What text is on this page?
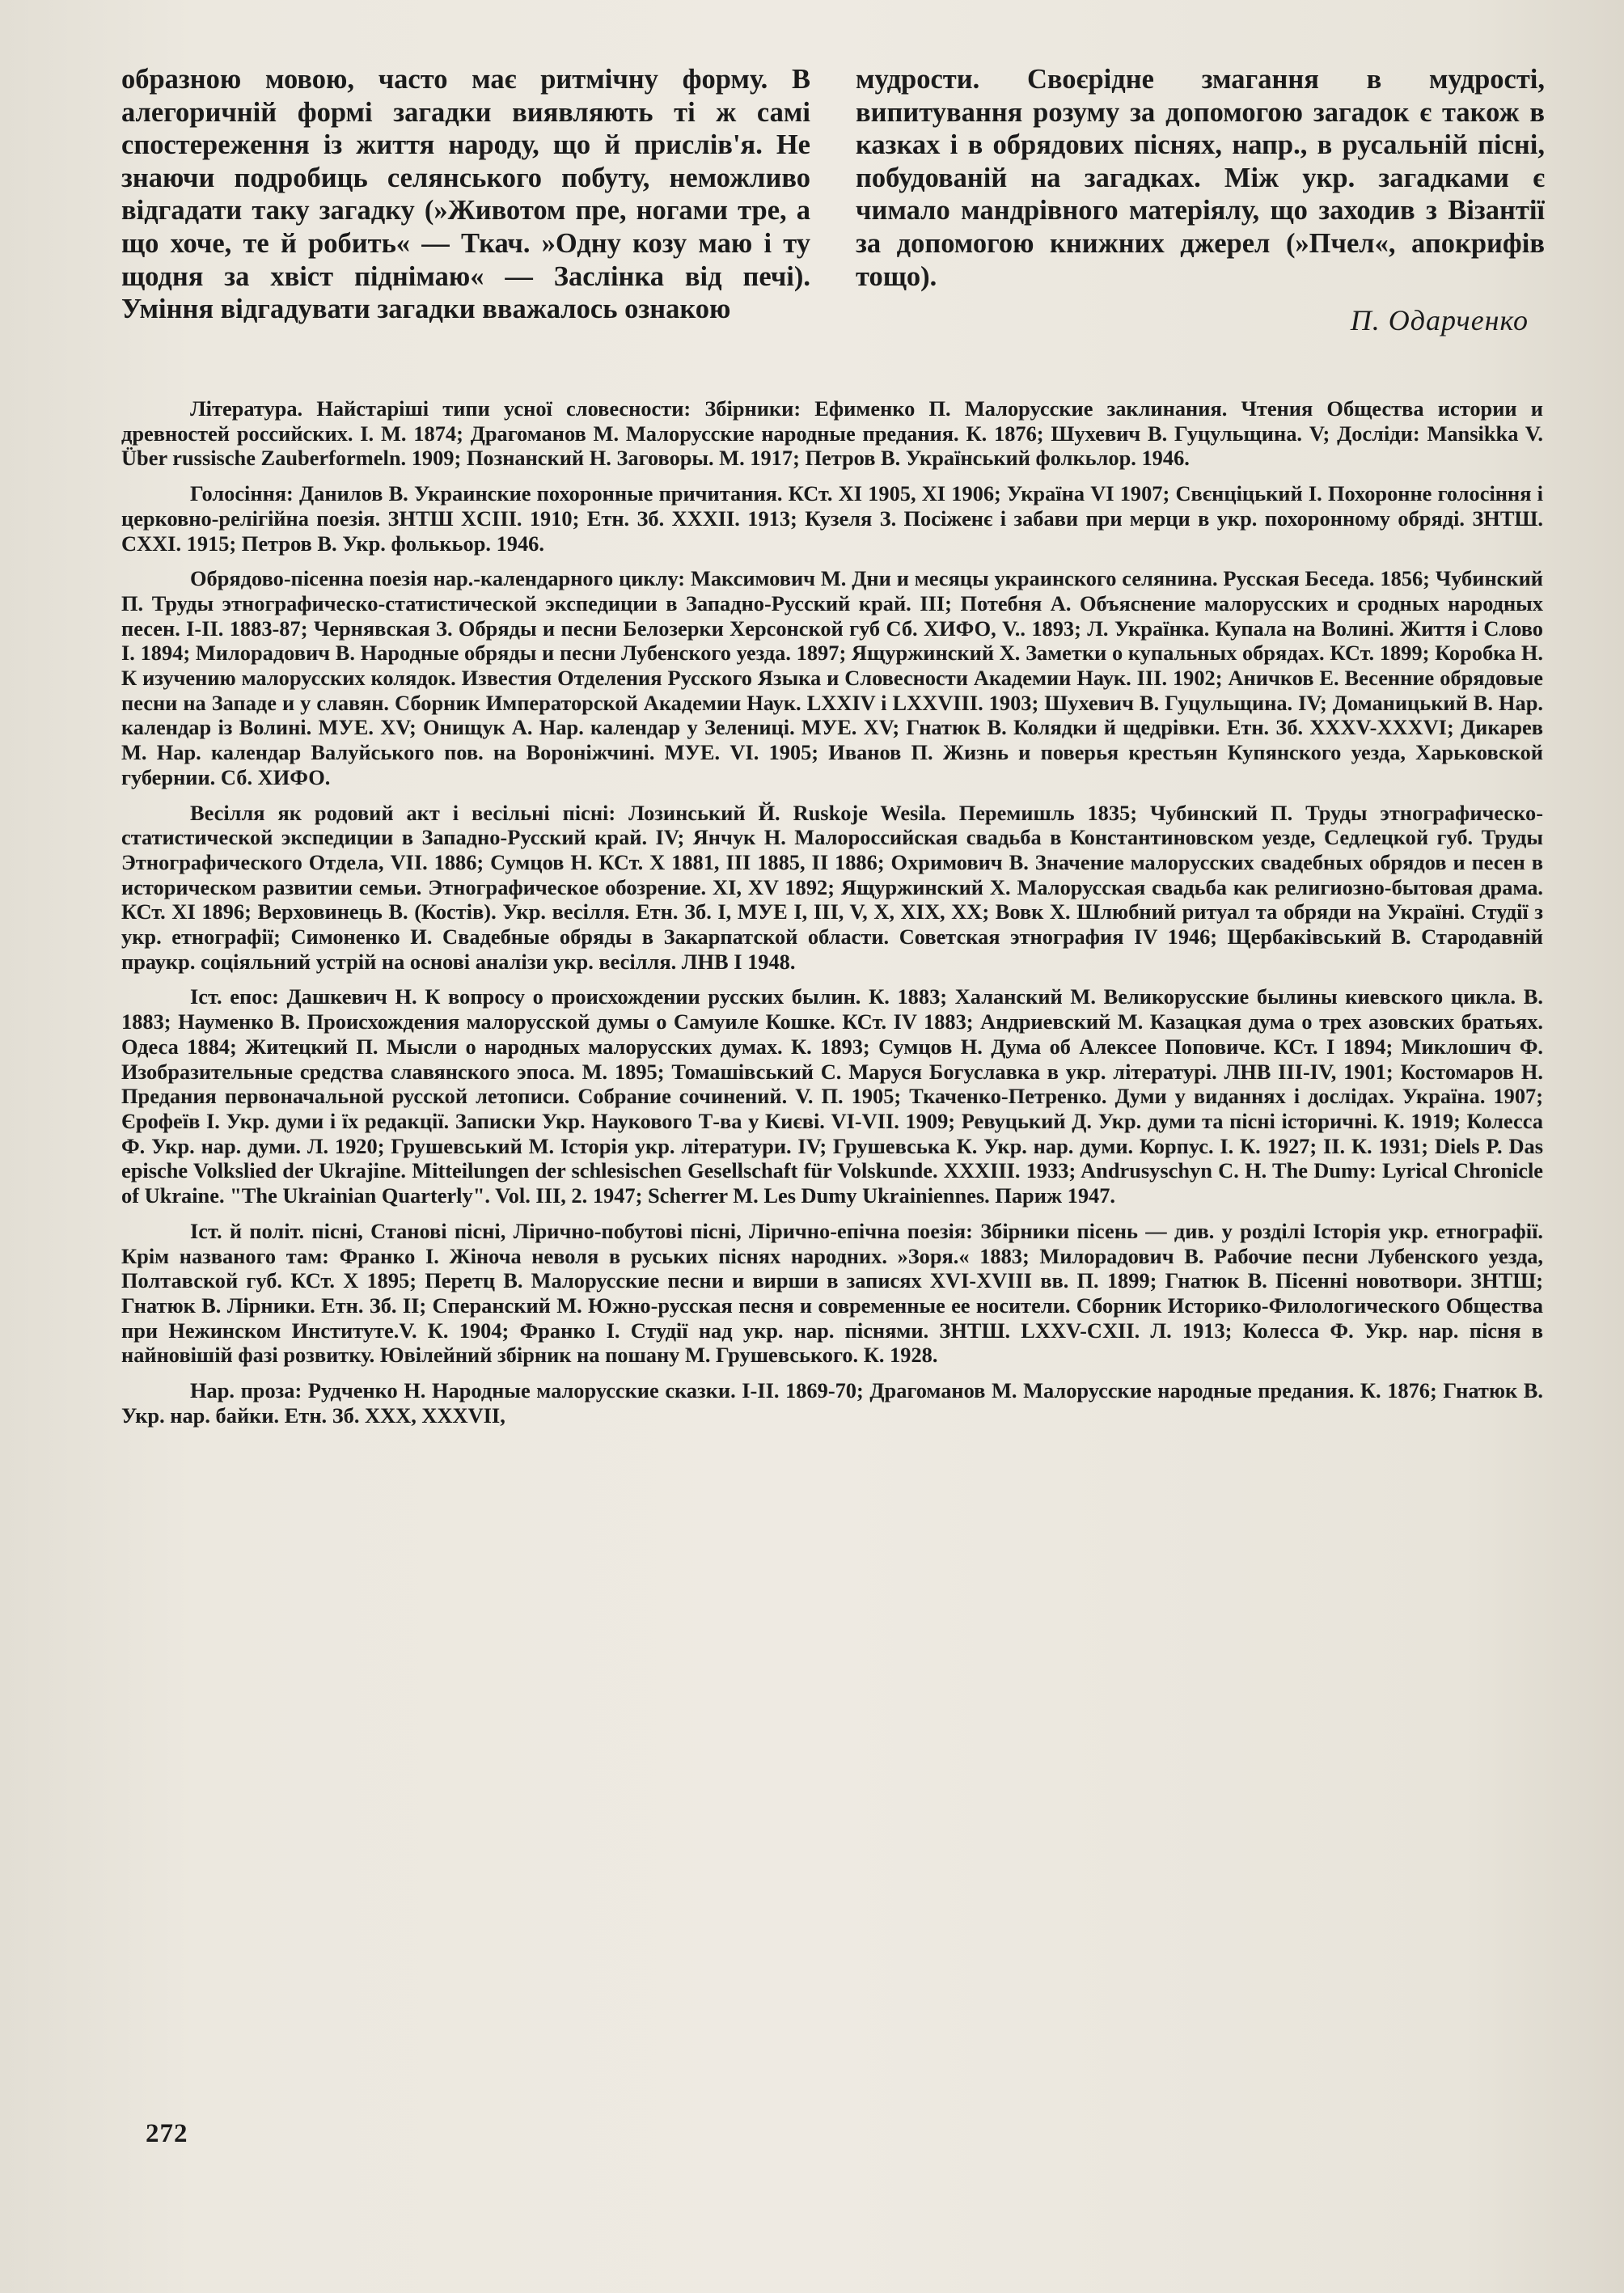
образною мовою, часто має ритмічну форму. В алегоричній формі загадки виявляють ті ж самі спостереження із життя народу, що й прислів'я. Не знаючи подробиць селянського побуту, неможливо відгадати таку загадку (»Животом пре, ногами тре, а що хоче, те й робить« — Ткач. »Одну козу маю і ту щодня за хвіст піднімаю« — Заслінка від печі). Уміння відгадувати загадки вважалось ознакою

мудрости. Своєрідне змагання в мудрості, випитування розуму за допомогою загадок є також в казках і в обрядових піснях, напр., в русальній пісні, побудованій на загадках. Між укр. загадками є чимало мандрівного матеріялу, що заходив з Візантії за допомогою книжних джерел (»Пчел«, апокрифів тощо).

П. Одарченко

Література. Найстаріші типи усної словесности: Збірники: Ефименко П. Малорусские заклинания. Чтения Общества истории и древностей российских. I. M. 1874; Драгоманов М. Малорусские народные предания. К. 1876; Шухевич В. Гуцульщина. V; Досліди: Mansikka V. Über russische Zauberformeln. 1909; Познанский Н. Заговоры. М. 1917; Петров В. Український фолкьлор. 1946.

Голосіння: Данилов В. Украинские похоронные причитания. КСт. XI 1905, XI 1906; Україна VI 1907; Свєнціцький І. Похоронне голосіння і церковно-релігійна поезія. ЗНТШ XCIII. 1910; Етн. Зб. XXXII. 1913; Кузеля З. Посіженє і забави при мерци в укр. похоронному обряді. ЗНТШ. CXXI. 1915; Петров В. Укр. фолькьор. 1946.

Обрядово-пісенна поезія нар.-календарного циклу: Максимович М. Дни и месяцы украинского селянина. Русская Беседа. 1856; Чубинский П. Труды этнографическо-статистической экспедиции в Западно-Русский край. III; Потебня А. Объяснение малорусских и сродных народных песен. I-II. 1883-87; Чернявская З. Обряды и песни Белозерки Херсонской губ Сб. ХИФО, V.. 1893; Л. Українка. Купала на Волині. Життя і Слово I. 1894; Милорадович В. Народные обряды и песни Лубенского уезда. 1897; Ящуржинский X. Заметки о купальных обрядах. КСт. 1899; Коробка Н. К изучению малорусских колядок. Известия Отделения Русского Языка и Словесности Академии Наук. III. 1902; Аничков Е. Весенние обрядовые песни на Западе и у славян. Сборник Императорской Академии Наук. LXXIV і LXXVIII. 1903; Шухевич В. Гуцульщина. IV; Доманицький В. Нар. календар із Волині. МУЕ. XV; Онищук А. Нар. календар у Зелениці. МУЕ. XV; Гнатюк В. Колядки й щедрівки. Етн. Зб. XXXV-XXXVI; Дикарев М. Нар. календар Валуйського пов. на Вороніжчині. МУЕ. VI. 1905; Иванов П. Жизнь и поверья крестьян Купянского уезда, Харьковской губернии. Сб. ХИФО.

Весілля як родовий акт і весільні пісні: Лозинський Й. Ruskoje Wesila. Перемишль 1835; Чубинский П. Труды этнографическо-статистической экспедиции в Западно-Русский край. IV; Янчук Н. Малороссийская свадьба в Константиновском уезде, Седлецкой губ. Труды Этнографического Отдела, VII. 1886; Сумцов Н. КСт. X 1881, III 1885, II 1886; Охримович В. Значение малорусских свадебных обрядов и песен в историческом развитии семьи. Этнографическое обозрение. XI, XV 1892; Ящуржинский X. Малорусская свадьба как религиозно-бытовая драма. КСт. XI 1896; Верховинець В. (Костів). Укр. весілля. Етн. Зб. I, МУЕ I, III, V, X, XIX, XX; Вовк Х. Шлюбний ритуал та обряди на Україні. Студії з укр. етнографії; Симоненко И. Свадебные обряды в Закарпатской области. Советская этнография IV 1946; Щербаківський В. Стародавній праукр. соціяльний устрій на основі аналізи укр. весілля. ЛНВ I 1948.

Іст. епос: Дашкевич Н. К вопросу о происхождении русских былин. К. 1883; Халанский М. Великорусские былины киевского цикла. В. 1883; Науменко В. Происхождения малорусской думы о Самуиле Кошке. КСт. IV 1883; Андриевский М. Казацкая дума о трех азовских братьях. Одеса 1884; Житецкий П. Мысли о народных малорусских думах. К. 1893; Сумцов Н. Дума об Алексее Поповиче. КСт. I 1894; Миклошич Ф. Изобразительные средства славянского эпоса. М. 1895; Томашівський С. Маруся Богуславка в укр. літературі. ЛНВ III-IV, 1901; Костомаров Н. Предания первоначальной русской летописи. Собрание сочинений. V. П. 1905; Ткаченко-Петренко. Думи у виданнях і дослідах. Україна. 1907; Єрофеїв І. Укр. думи і їх редакції. Записки Укр. Наукового Т-ва у Києві. VI-VII. 1909; Ревуцький Д. Укр. думи та пісні історичні. К. 1919; Колесса Ф. Укр. нар. думи. Л. 1920; Грушевський М. Історія укр. літератури. IV; Грушевська К. Укр. нар. думи. Корпус. I. К. 1927; II. К. 1931; Diels P. Das epische Volkslied der Ukrajine. Mitteilungen der schlesischen Gesellschaft für Volskunde. XXXIII. 1933; Andrusyschyn C. H. The Dumy: Lyrical Chronicle of Ukraine. "The Ukrainian Quarterly". Vol. III, 2. 1947; Scherrer M. Les Dumy Ukrainiennes. Париж 1947.

Іст. й політ. пісні, Станові пісні, Лірично-побутові пісні, Лірично-епічна поезія: Збірники пісень — див. у розділі Історія укр. етнографії. Крім названого там: Франко І. Жіноча неволя в руських піснях народних. »Зоря.« 1883; Милорадович В. Рабочие песни Лубенского уезда, Полтавской губ. КСт. X 1895; Перетц В. Малорусские песни и вирши в записях XVI-XVIII вв. П. 1899; Гнатюк В. Пісенні новотвори. ЗНТШ; Гнатюк В. Лірники. Етн. Зб. II; Сперанский М. Южно-русская песня и современные ее носители. Сборник Историко-Филологического Общества при Нежинском Институте.V. К. 1904; Франко І. Студії над укр. нар. піснями. ЗНТШ. LXXV-CXII. Л. 1913; Колесса Ф. Укр. нар. пісня в найновішій фазі розвитку. Ювілейний збірник на пошану М. Грушевського. К. 1928.

Нар. проза: Рудченко Н. Народные малорусские сказки. I-II. 1869-70; Драгоманов М. Малорусские народные предания. К. 1876; Гнатюк В. Укр. нар. байки. Етн. Зб. XXX, XXXVII,

272
